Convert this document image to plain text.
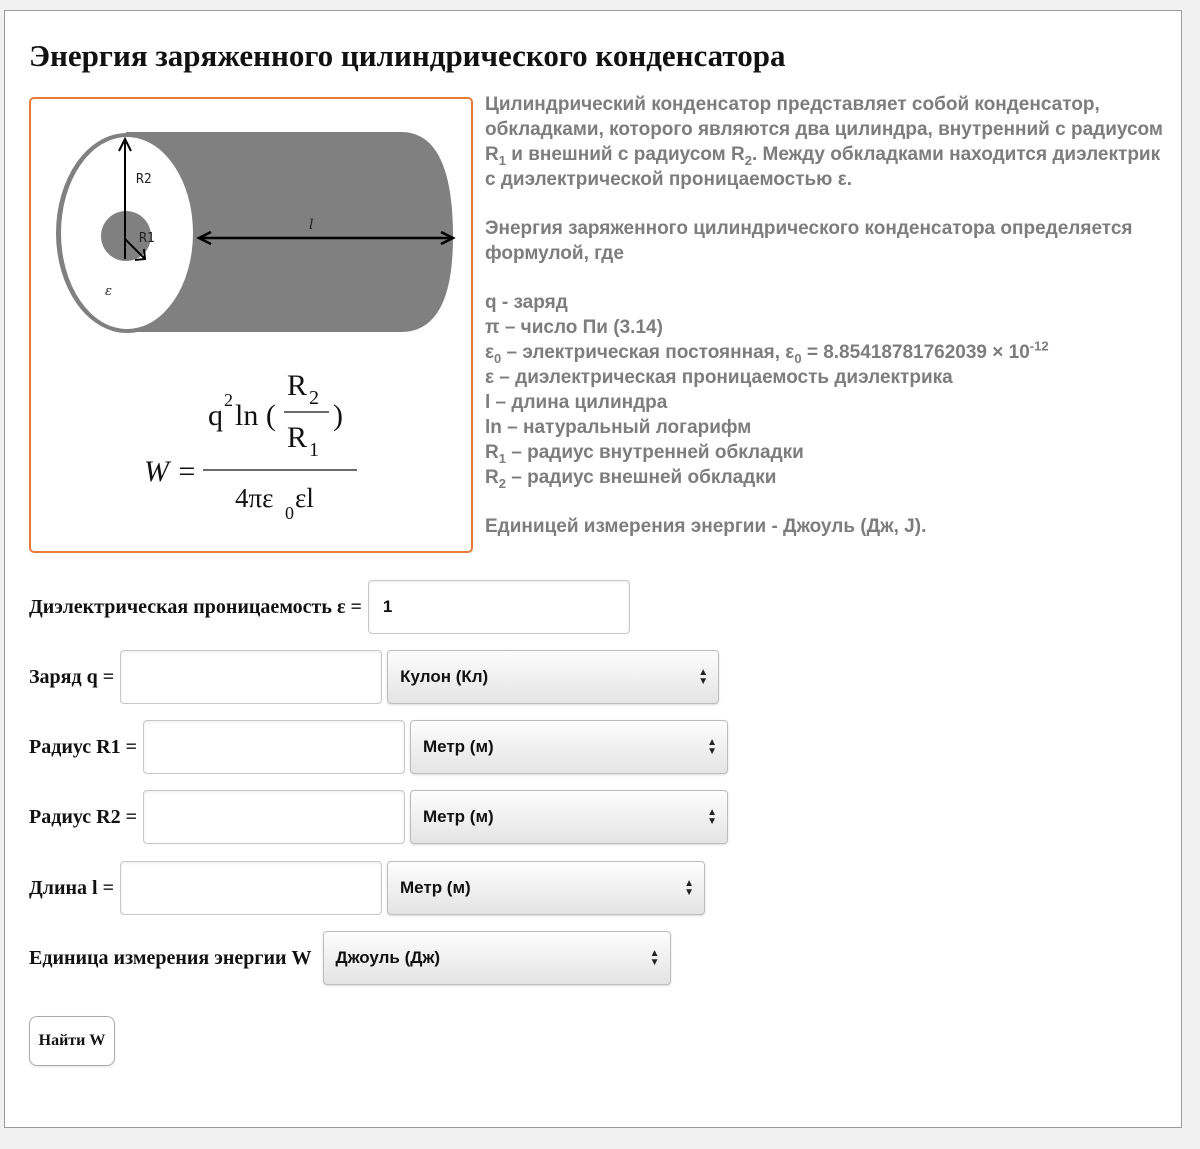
Энергия заряженного цилиндрического конденсатора
R2
R1
l
ε
q 2 ln (
R 2
R 1
)
W =
4πε 0 εl

Цилиндрический конденсатор представляет собой конденсатор, обкладками, которого являются два цилиндра, внутренний с радиусом $R_1$ и внешний с радиусом $R_2$. Между обкладками находится диэлектрик с диэлектрической проницаемостью ε.

Энергия заряженного цилиндрического конденсатора определяется формулой, где

q - заряд

π – число Пи (3.14)

$\varepsilon_0$ – электрическая постоянная, $\varepsilon_0 = 8.85418781762039 \times 10^{-12}$

ε – диэлектрическая проницаемость диэлектрика

l – длина цилиндра

ln – натуральный логарифм

$R_1$ – радиус внутренней обкладки

$R_2$ – радиус внешней обкладки

Единицей измерения энергии - Джоуль (Дж, J).

Диэлектрическая проницаемость ε =
1
Заряд q =	Кулон (Кл)	▲
▼
Радиус R1 =	Метр (м)	▲
▼
Радиус R2 =	Метр (м)	▲
▼
Длина l =	Метр (м)	▲
▼
Единица измерения энергии W Джоуль (Дж)	▲
▼
Найти W
